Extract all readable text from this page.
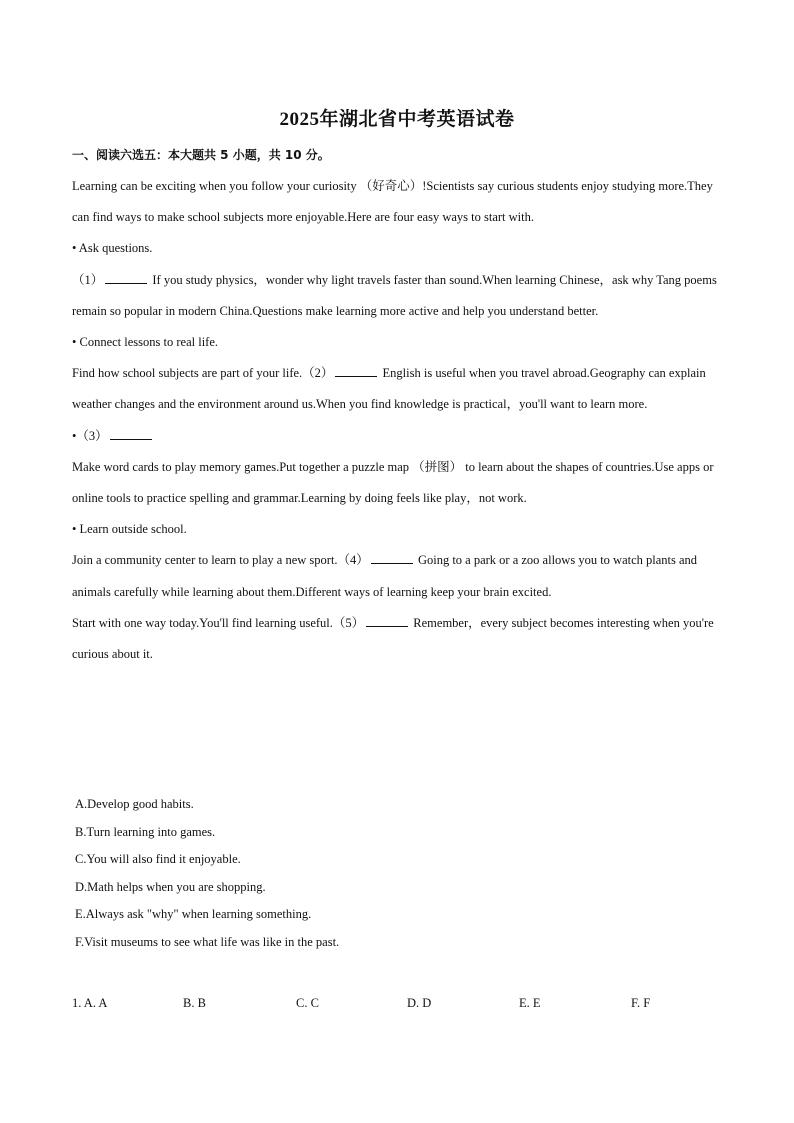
2025年湖北省中考英语试卷
一、阅读六选五：本大题共 5 小题，共 10 分。

Learning can be exciting when you follow your curiosity （好奇心）!Scientists say curious students enjoy studying more.They can find ways to make school subjects more enjoyable.Here are four easy ways to start with.

• Ask questions.

（1）	If you study physics，wonder why light travels faster than sound.When learning Chinese，ask why Tang poems remain so popular in modern China.Questions make learning more active and help you understand better.

• Connect lessons to real life.

Find how school subjects are part of your life.（2）	English is useful when you travel abroad.Geography can explain weather changes and the environment around us.When you find knowledge is practical，you'll want to learn more.

•（3）

Make word cards to play memory games.Put together a puzzle map （拼图） to learn about the shapes of countries.Use apps or online tools to practice spelling and grammar.Learning by doing feels like play，not work.

• Learn outside school.

Join a community center to learn to play a new sport.（4）	Going to a park or a zoo allows you to watch plants and animals carefully while learning about them.Different ways of learning keep your brain excited.

Start with one way today.You'll find learning useful.（5）	Remember，every subject becomes interesting when you're curious about it.

A.Develop good habits.

B.Turn learning into games.

C.You will also find it enjoyable.

D.Math helps when you are shopping.

E.Always ask "why" when learning something.

F.Visit museums to see what life was like in the past.

1. A. A	B. B	C. C	D. D	E. E	F. F
